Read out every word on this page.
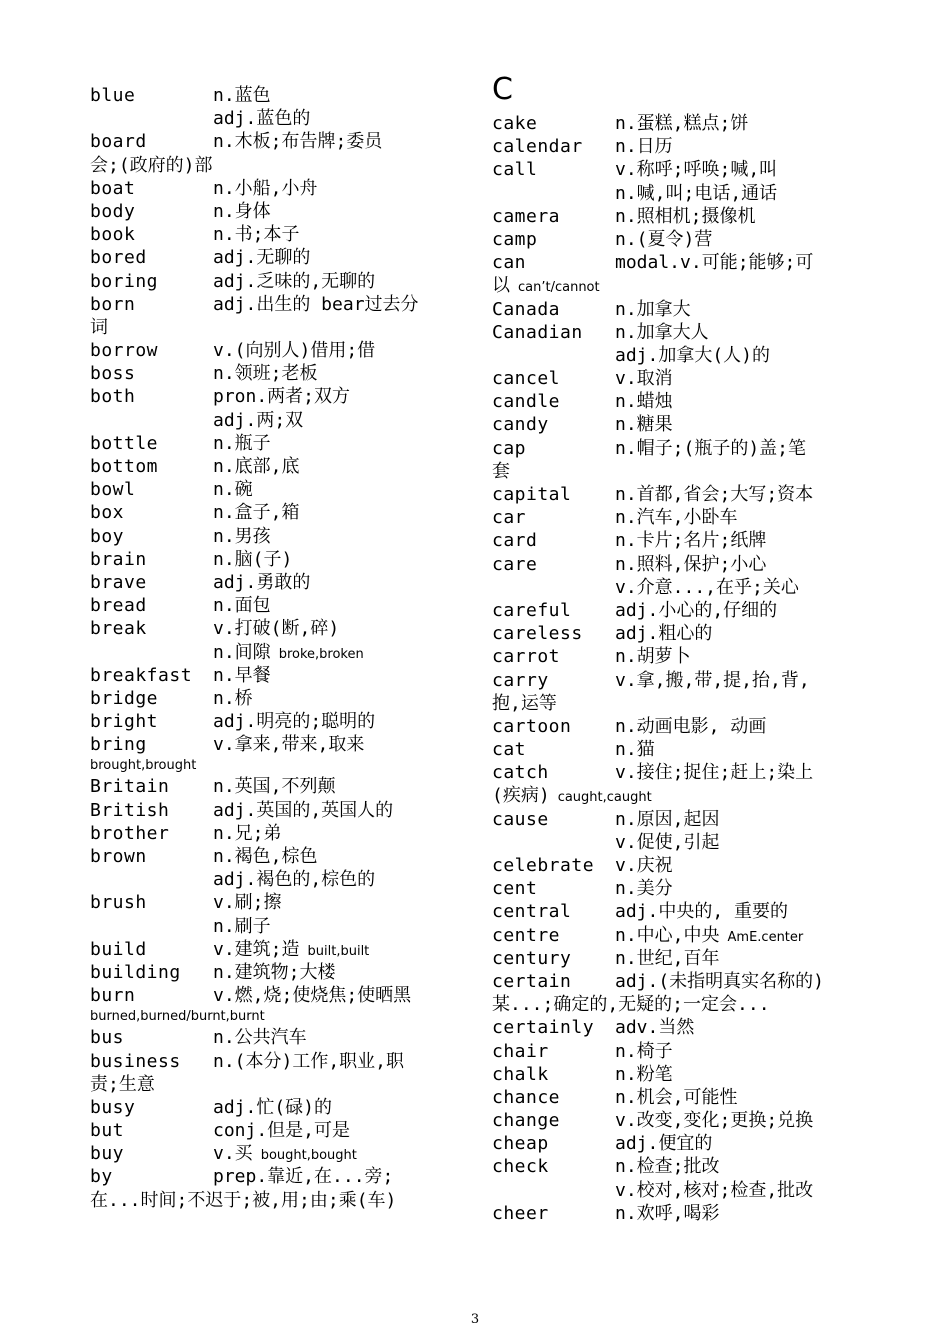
blue	n.蓝色
adj.蓝色的
board	n.木板;布告牌;委员
会;(政府的)部
boat	n.小船,小舟
body	n.身体
book	n.书;本子
bored	adj.无聊的
boring	adj.乏味的,无聊的
born	adj.出生的 bear过去分
词
borrow	v.(向别人)借用;借
boss	n.领班;老板
both	pron.两者;双方
adj.两;双
bottle	n.瓶子
bottom	n.底部,底
bowl	n.碗
box	n.盒子,箱
boy	n.男孩
brain	n.脑(子)
brave	adj.勇敢的
bread	n.面包
break	v.打破(断,碎)
n.间隙 broke,broken
breakfast n.早餐
bridge	n.桥
bright	adj.明亮的;聪明的
bring	v.拿来,带来,取来
brought,brought
Britain n.英国,不列颠
British adj.英国的,英国人的
brother n.兄;弟
brown	n.褐色,棕色
adj.褐色的,棕色的
brush	v.刷;擦
n.刷子
build	v.建筑;造 built,built
building n.建筑物;大楼
burn	v.燃,烧;使烧焦;使晒黑
burned,burned/burnt,burnt
bus	n.公共汽车
business n.(本分)工作,职业,职
责;生意
busy	adj.忙(碌)的
but	conj.但是,可是
buy	v.买 bought,bought
by	prep.靠近,在...旁;
在...时间;不迟于;被,用;由;乘(车)
C
cake	n.蛋糕,糕点;饼
calendar n.日历
call	v.称呼;呼唤;喊,叫
n.喊,叫;电话,通话
camera	n.照相机;摄像机
camp	n.(夏令)营
can	modal.v.可能;能够;可
以 can’t/cannot
Canada	n.加拿大
Canadian n.加拿大人
adj.加拿大(人)的
cancel	v.取消
candle	n.蜡烛
candy	n.糖果
cap	n.帽子;(瓶子的)盖;笔
套
capital n.首都,省会;大写;资本
car	n.汽车,小卧车
card	n.卡片;名片;纸牌
care	n.照料,保护;小心
v.介意...,在乎;关心
careful adj.小心的,仔细的
careless adj.粗心的
carrot	n.胡萝卜
carry	v.拿,搬,带,提,抬,背,
抱,运等
cartoon n.动画电影, 动画
cat	n.猫
catch	v.接住;捉住;赶上;染上
(疾病) caught,caught
cause	n.原因,起因
v.促使,引起
celebrate v.庆祝
cent	n.美分
central adj.中央的, 重要的
centre	n.中心,中央 AmE.center
century n.世纪,百年
certain adj.(未指明真实名称的)
某...;确定的,无疑的;一定会...
certainly adv.当然
chair	n.椅子
chalk	n.粉笔
chance	n.机会,可能性
change	v.改变,变化;更换;兑换
cheap	adj.便宜的
check	n.检查;批改
v.校对,核对;检查,批改
cheer	n.欢呼,喝彩
3
